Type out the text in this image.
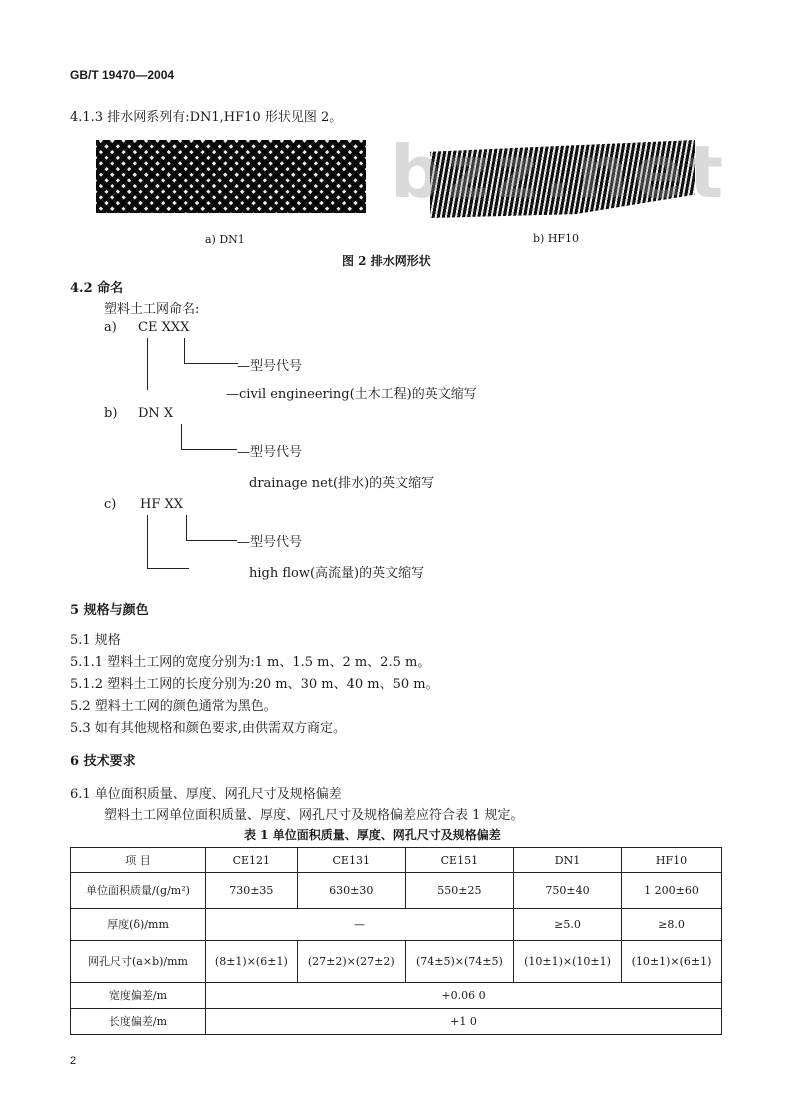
GB/T 19470—2004
4.1.3 排水网系列有:DN1,HF10 形状见图 2。
bzz.net
a) DN1	b) HF10
图 2 排水网形状
4.2 命名
塑料土工网命名:
a) CE XXX
—型号代号
—civil engineering(土木工程)的英文缩写
b) DN X
—型号代号
drainage net(排水)的英文缩写
c) HF XX
—型号代号
high flow(高流量)的英文缩写
5 规格与颜色
5.1 规格
5.1.1 塑料土工网的宽度分别为:1 m、1.5 m、2 m、2.5 m。
5.1.2 塑料土工网的长度分别为:20 m、30 m、40 m、50 m。
5.2 塑料土工网的颜色通常为黑色。
5.3 如有其他规格和颜色要求,由供需双方商定。
6 技术要求
6.1 单位面积质量、厚度、网孔尺寸及规格偏差
塑料土工网单位面积质量、厚度、网孔尺寸及规格偏差应符合表 1 规定。
表 1 单位面积质量、厚度、网孔尺寸及规格偏差
项 目	CE121	CE131	CE151	DN1	HF10
单位面积质量/(g/m²)	730±35	630±30	550±25	750±40	1 200±60
厚度(δ)/mm	—			≥5.0	≥8.0
网孔尺寸(a×b)/mm	(8±1)×(6±1)	(27±2)×(27±2)	(74±5)×(74±5)	(10±1)×(10±1)	(10±1)×(6±1)
宽度偏差/m	+0.06 0				
长度偏差/m	+1 0				
2
